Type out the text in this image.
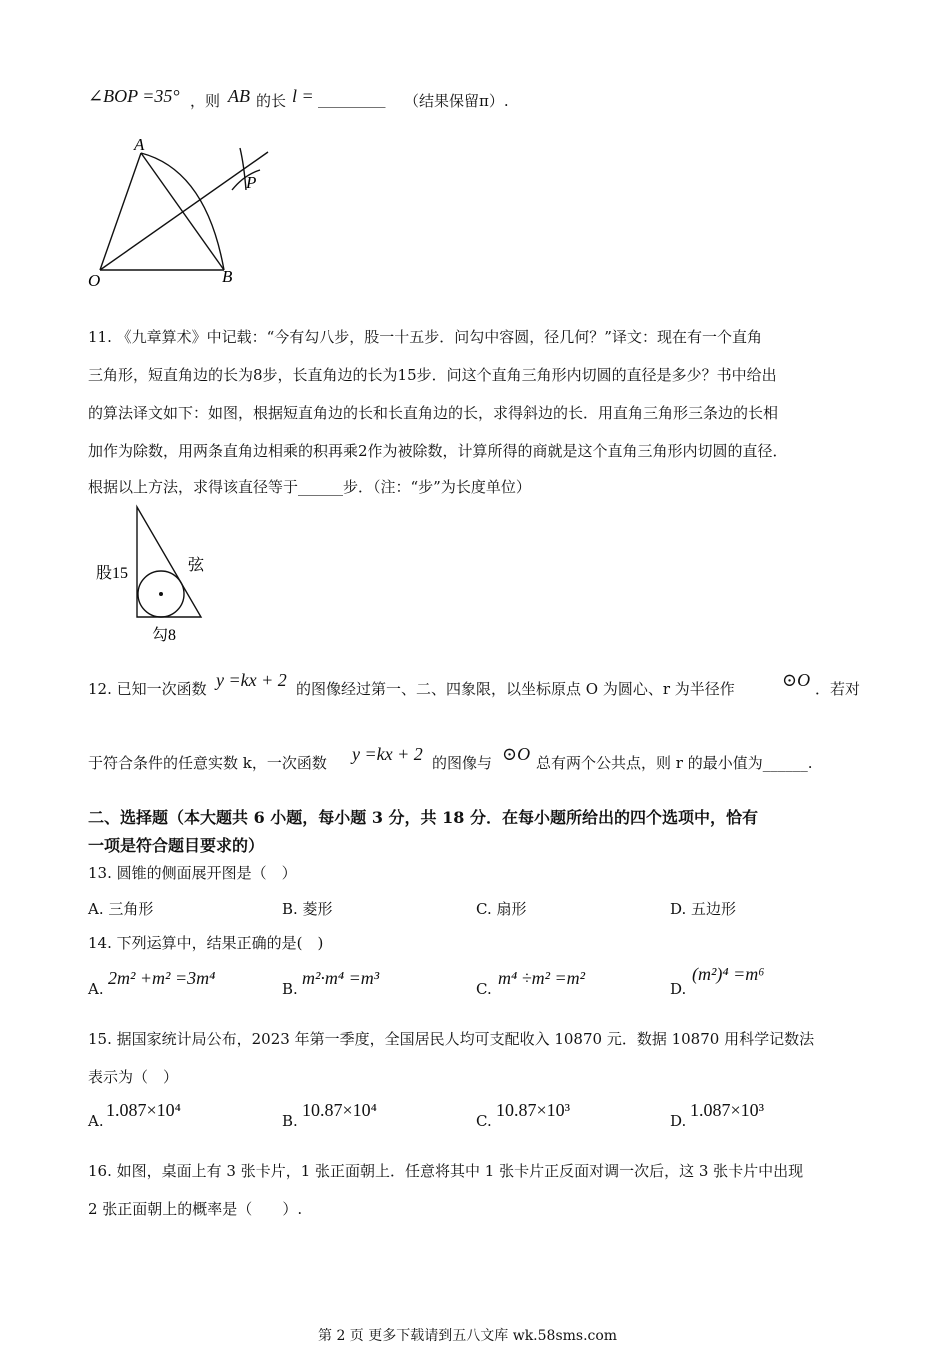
∠BOP =35° ，则 AB 的长 l = _________ （结果保留π）.
A
B
O
P
11. 《九章算术》中记载：“今有勾八步，股一十五步．问勾中容圆，径几何？”译文：现在有一个直角
三角形，短直角边的长为8步，长直角边的长为15步．问这个直角三角形内切圆的直径是多少？书中给出
的算法译文如下：如图，根据短直角边的长和长直角边的长，求得斜边的长．用直角三角形三条边的长相
加作为除数，用两条直角边相乘的积再乘2作为被除数，计算所得的商就是这个直角三角形内切圆的直径．
根据以上方法，求得该直径等于______步．（注：“步”为长度单位）
股15	弦
勾8
12. 已知一次函数 y =kx + 2 的图像经过第一、二、四象限，以坐标原点 O 为圆心、r 为半径作	⊙O ．若对
于符合条件的任意实数 k，一次函数 y =kx + 2 的图像与 ⊙O 总有两个公共点，则 r 的最小值为______.
二、选择题（本大题共 6 小题，每小题 3 分，共 18 分．在每小题所给出的四个选项中，恰有
一项是符合题目要求的）
13. 圆锥的侧面展开图是（　）
A. 三角形	B. 菱形	C. 扇形	D. 五边形
14. 下列运算中，结果正确的是(　)
A.
2m² +m² =3m⁴
B.
m²·m⁴ =m³
C.
m⁴ ÷m² =m²
D.
(m²)⁴ =m⁶
15. 据国家统计局公布，2023 年第一季度，全国居民人均可支配收入 10870 元．数据 10870 用科学记数法
表示为（　）
A.
1.087×10⁴
B.
10.87×10⁴
C.
10.87×10³
D.
1.087×10³
16. 如图，桌面上有 3 张卡片，1 张正面朝上．任意将其中 1 张卡片正反面对调一次后，这 3 张卡片中出现
2 张正面朝上的概率是（　　）.
第 2 页 更多下载请到五八文库 wk.58sms.com
